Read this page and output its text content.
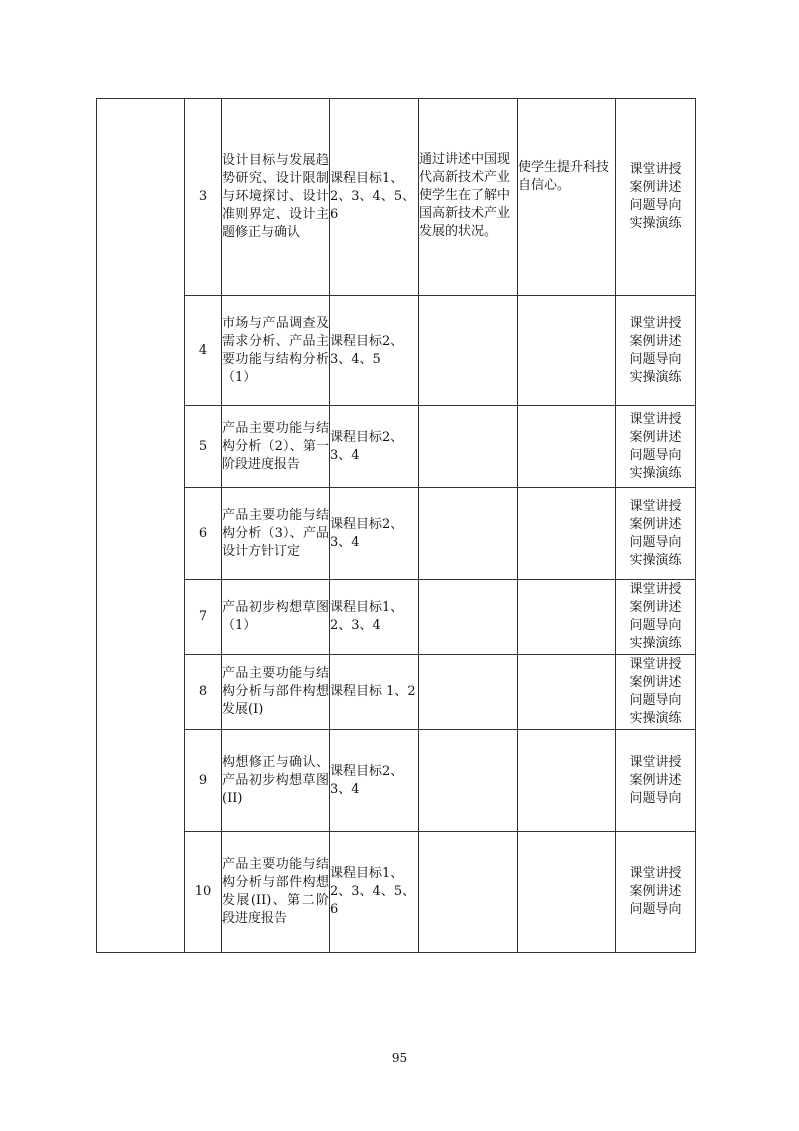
	3	设计目标与发展趋势研究、设计限制与环境探讨、设计准则界定、设计主题修正与确认	课程目标1、2、3、4、5、6	通过讲述中国现代高新技术产业使学生在了解中国高新技术产业发展的状况。	使学生提升科技自信心。	课堂讲授
案例讲述
问题导向
实操演练

	4	市场与产品调查及需求分析、产品主要功能与结构分析（1）	课程目标2、3、4、5			课堂讲授
案例讲述
问题导向
实操演练

	5	产品主要功能与结构分析（2）、第一阶段进度报告	课程目标2、3、4			课堂讲授
案例讲述
问题导向
实操演练

	6	产品主要功能与结构分析（3）、产品设计方针订定	课程目标2、3、4			课堂讲授
案例讲述
问题导向
实操演练

	7	产品初步构想草图（1）	课程目标1、2、3、4			课堂讲授
案例讲述
问题导向
实操演练

	8	产品主要功能与结构分析与部件构想发展(I)	课程目标 1、2			课堂讲授
案例讲述
问题导向
实操演练

	9	构想修正与确认、产品初步构想草图(II)	课程目标2、3、4			课堂讲授
案例讲述
问题导向

	10	产品主要功能与结构分析与部件构想发展(II)、第二阶段进度报告	课程目标1、2、3、4、5、6			课堂讲授
案例讲述
问题导向
95
